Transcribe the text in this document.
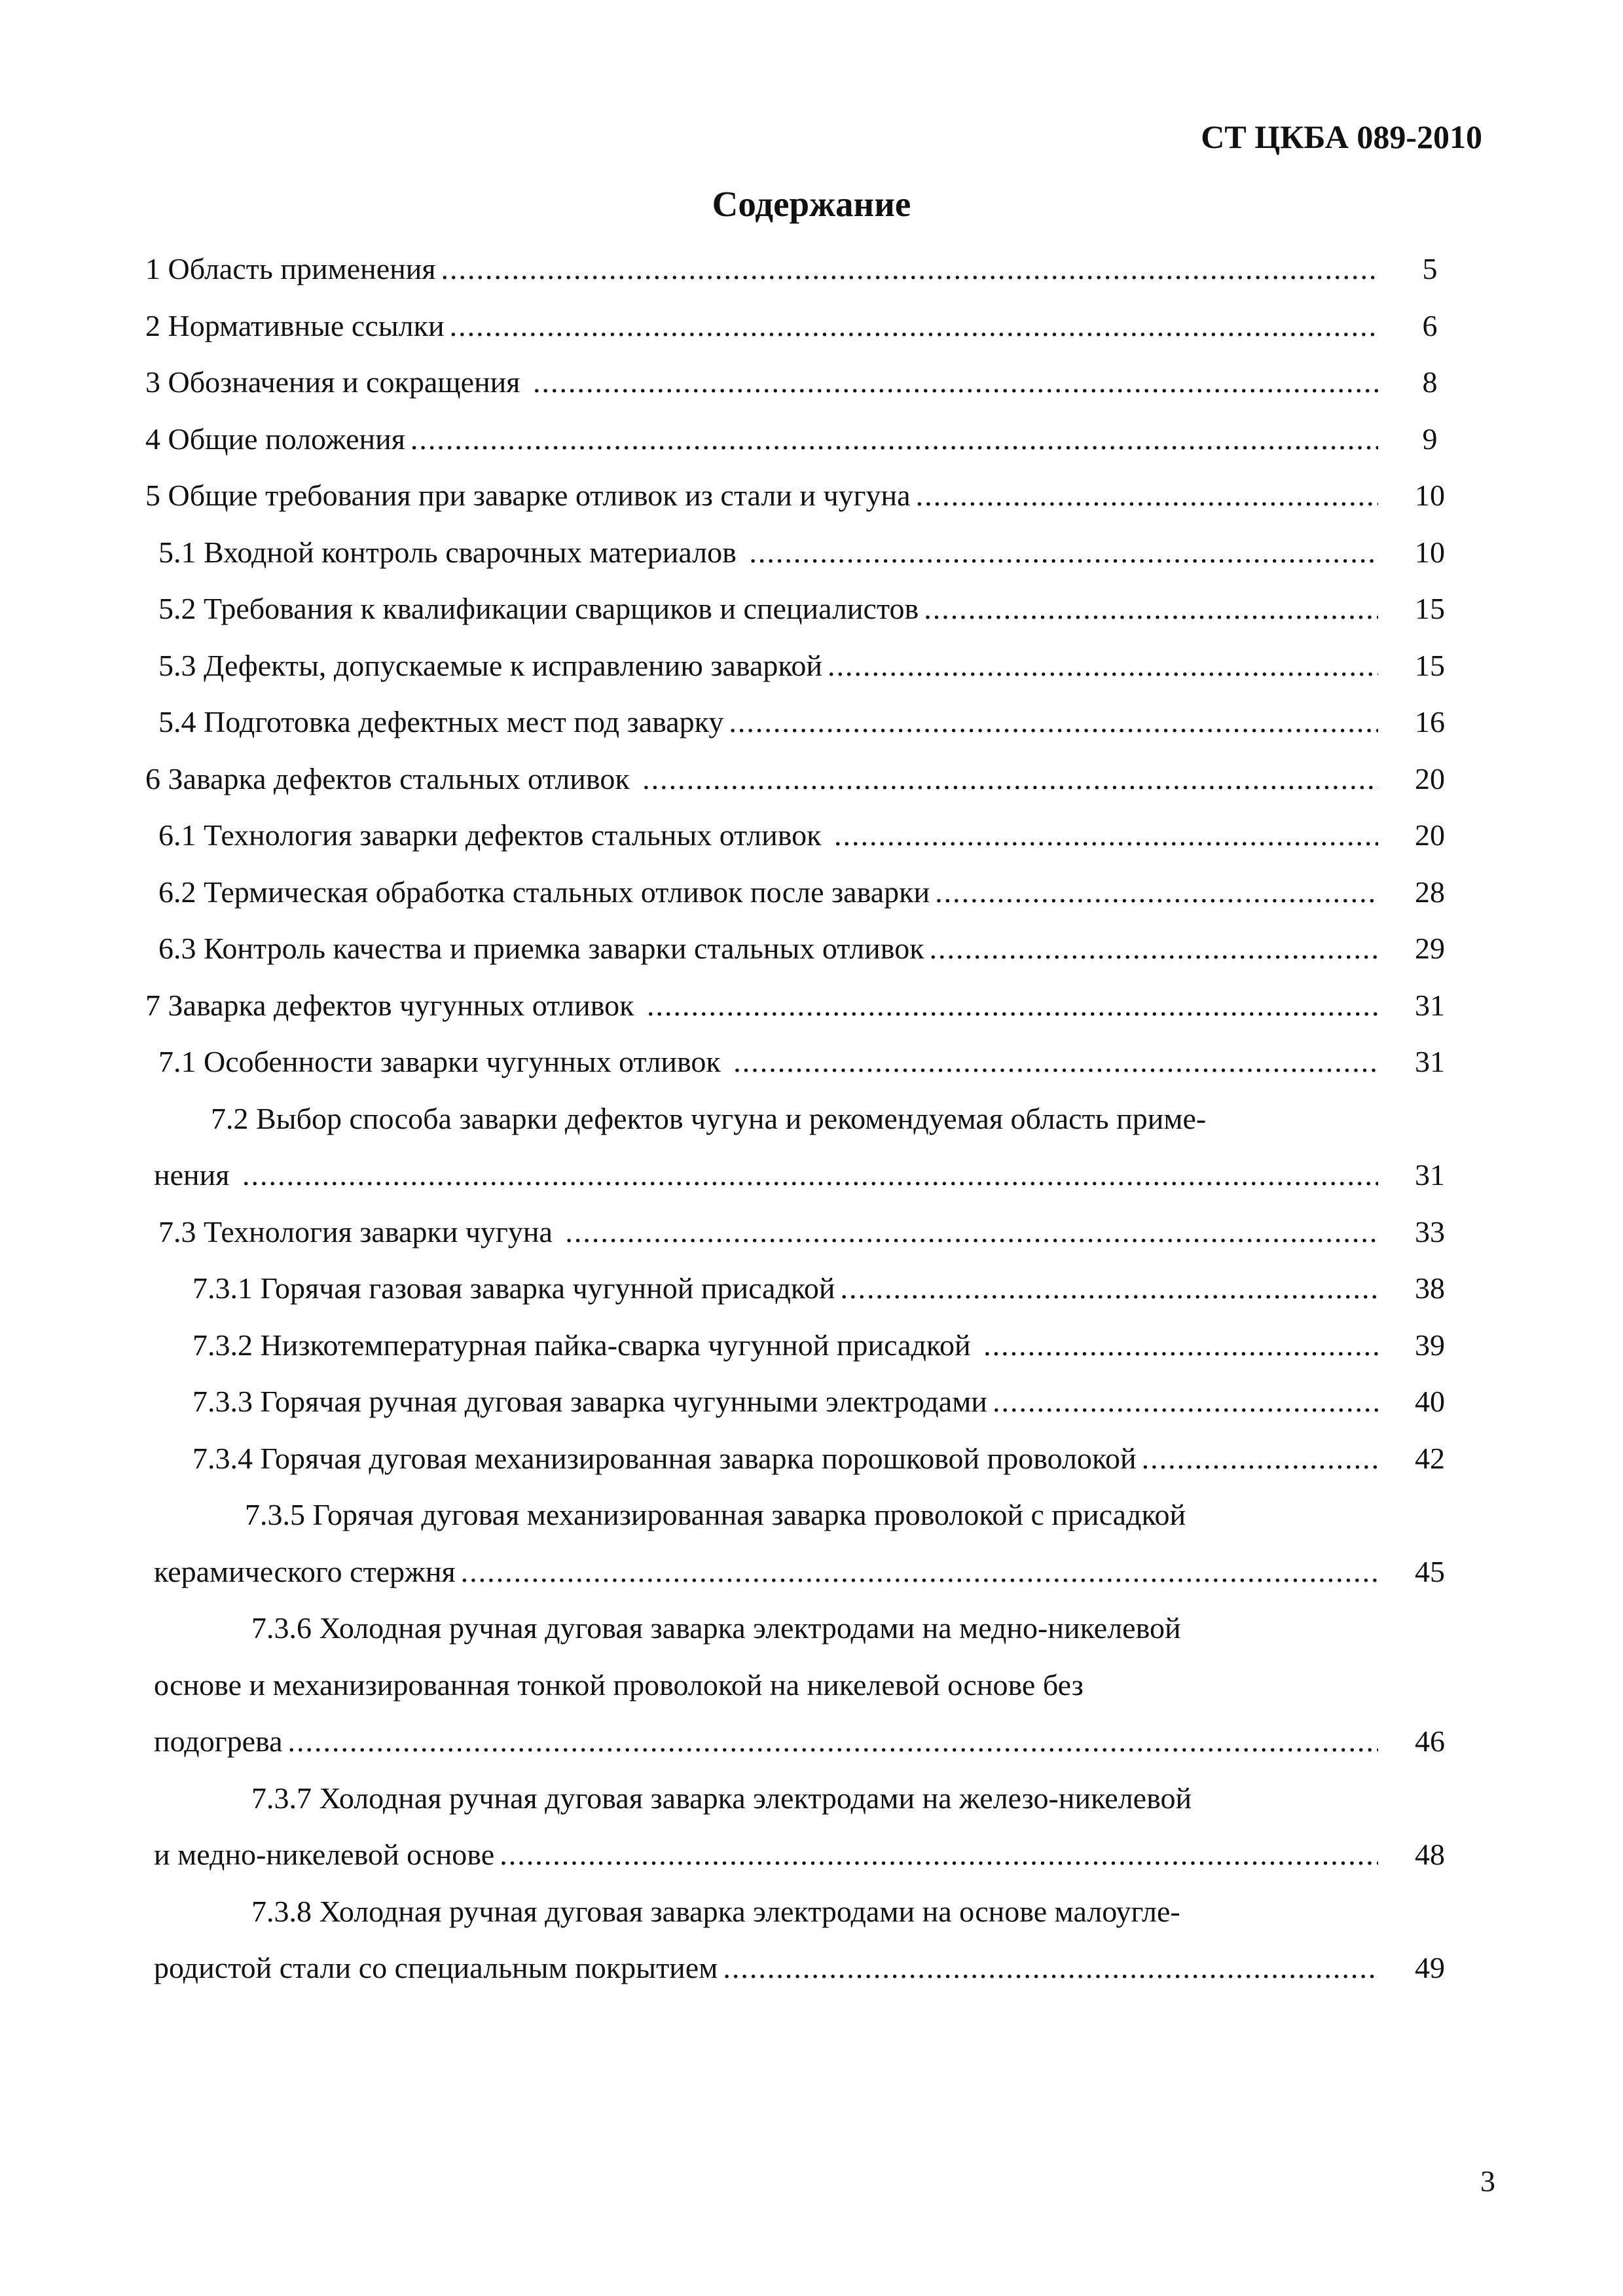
СТ ЦКБА 089-2010
Содержание
1 Область применения .....	5
2 Нормативные ссылки .....	6
3 Обозначения и сокращения .....	8
4 Общие положения .....	9
5 Общие требования при заварке отливок из стали и чугуна .....	10
5.1 Входной контроль сварочных материалов .....	10
5.2 Требования к квалификации сварщиков и специалистов .....	15
5.3 Дефекты, допускаемые к исправлению заваркой .....	15
5.4 Подготовка дефектных мест под заварку .....	16
6 Заварка дефектов стальных отливок .....	20
6.1 Технология заварки дефектов стальных отливок .....	20
6.2 Термическая обработка стальных отливок после заварки .....	28
6.3 Контроль качества и приемка заварки стальных отливок .....	29
7 Заварка дефектов чугунных отливок .....	31
7.1 Особенности заварки чугунных отливок .....	31
7.2 Выбор способа заварки дефектов чугуна и рекомендуемая область приме-
нения .....	31
7.3 Технология заварки чугуна .....	33
7.3.1 Горячая газовая заварка чугунной присадкой .....	38
7.3.2 Низкотемпературная пайка-сварка чугунной присадкой .....	39
7.3.3 Горячая ручная дуговая заварка чугунными электродами .....	40
7.3.4 Горячая дуговая механизированная заварка порошковой проволокой .....	42
7.3.5 Горячая дуговая механизированная заварка проволокой с присадкой
керамического стержня .....	45
7.3.6 Холодная ручная дуговая заварка электродами на медно-никелевой
основе и механизированная тонкой проволокой на никелевой основе без
подогрева .....	46
7.3.7 Холодная ручная дуговая заварка электродами на железо-никелевой
и медно-никелевой основе .....	48
7.3.8 Холодная ручная дуговая заварка электродами на основе малоугле-
родистой стали со специальным покрытием .....	49
3
